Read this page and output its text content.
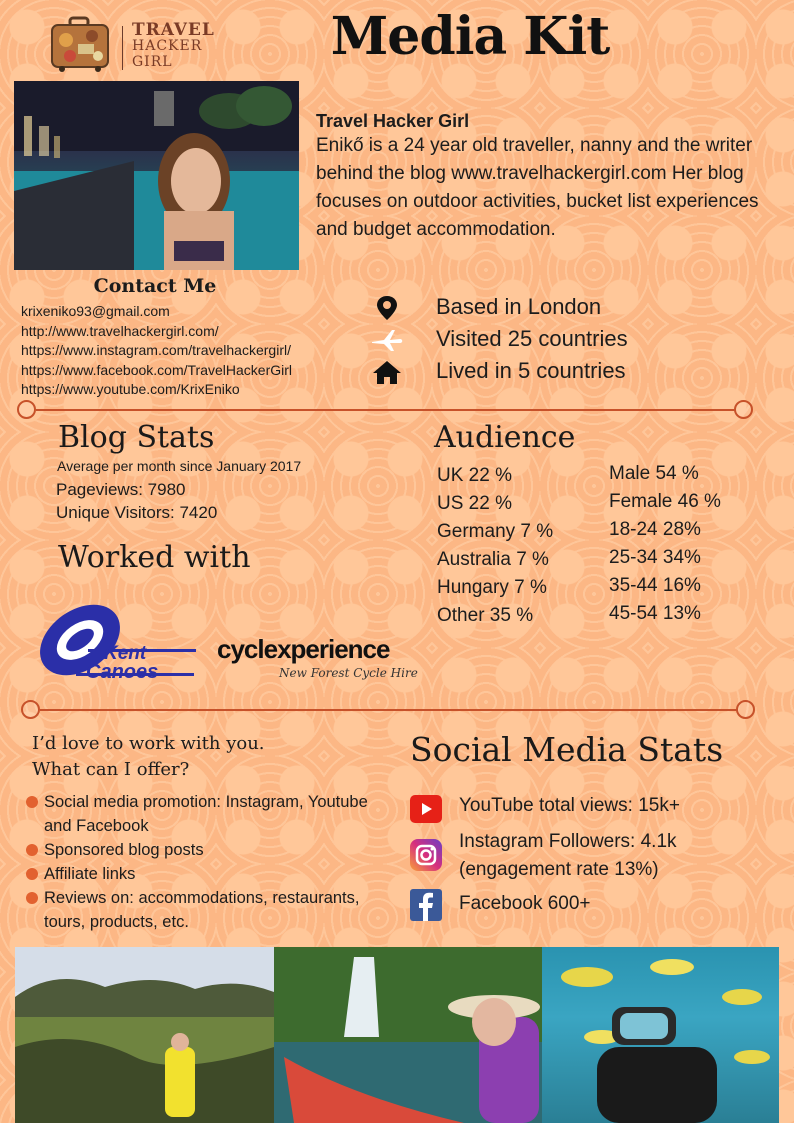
TRAVEL
HACKER
GIRL	Media Kit
Travel Hacker Girl
Enikő is a 24 year old traveller, nanny and the writer behind the blog www.travelhackergirl.com Her blog focuses on outdoor activities, bucket list experiences and budget accommodation.
Contact Me
krixeniko93@gmail.com
http://www.travelhackergirl.com/
https://www.instagram.com/travelhackergirl/
https://www.facebook.com/TravelHackerGirl
https://www.youtube.com/KrixEniko
Based in London
Visited 25 countries
Lived in 5 countries
Blog Stats
Average per month since January 2017
Pageviews: 7980
Unique Visitors: 7420
Audience
UK 22 %
US 22 %
Germany 7 %
Australia 7 %
Hungary 7 %
Other 35 %
Male 54 %
Female 46 %
18-24 28%
25-34 34%
35-44 16%
45-54 13%
Worked with
Kent
Canoes
cyclexperience
New Forest Cycle Hire
I’d love to work with you.
What can I offer?
Social media promotion: Instagram, Youtube and Facebook
Sponsored blog posts
Affiliate links
Reviews on: accommodations, restaurants, tours, products, etc.
Social Media Stats
YouTube total views: 15k+
Instagram Followers: 4.1k
(engagement rate 13%)
Facebook 600+
